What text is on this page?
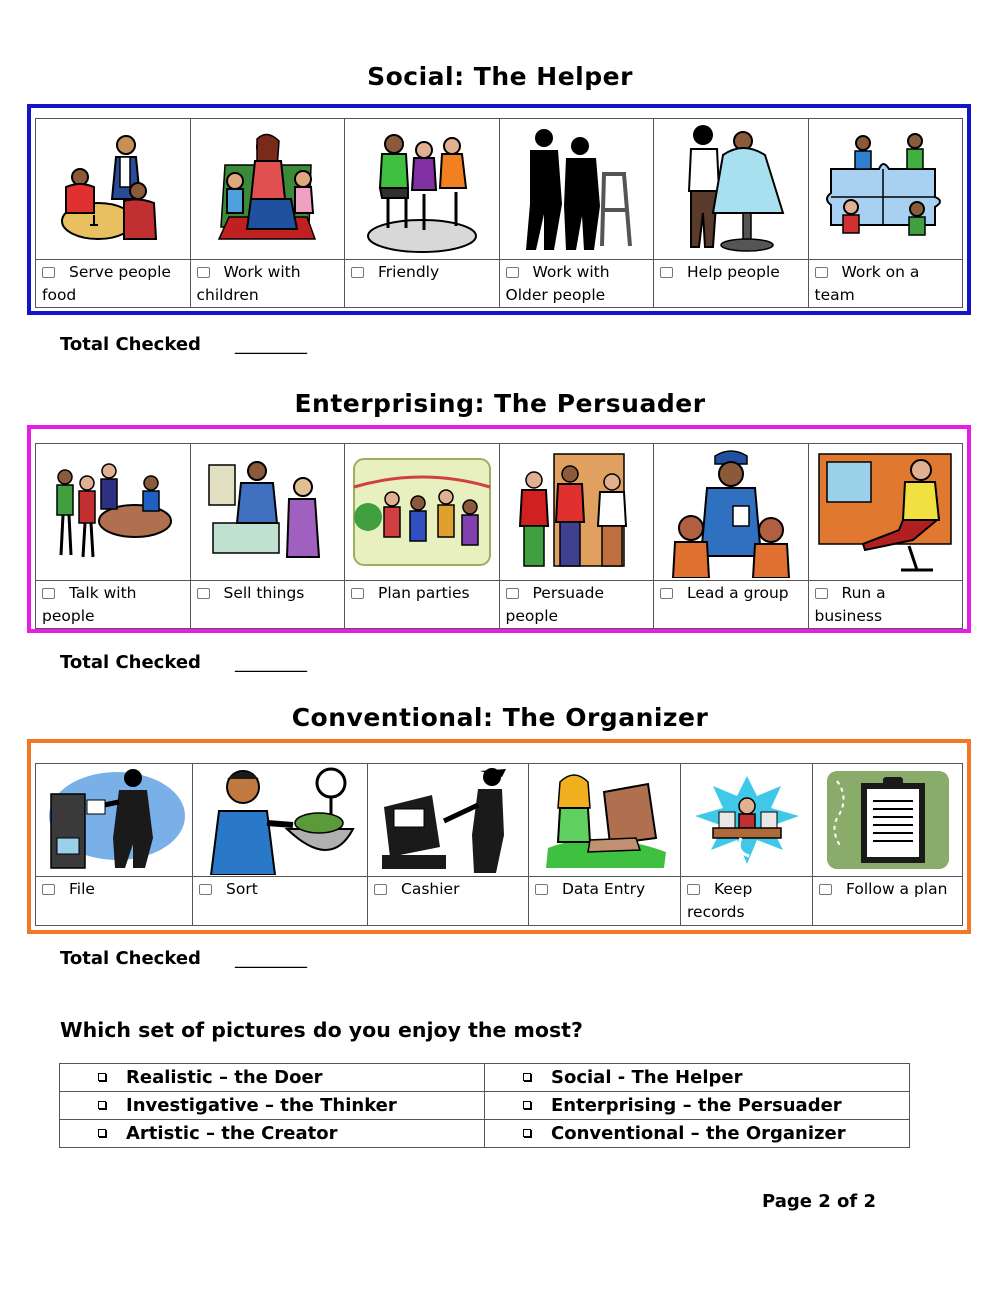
Social: The Helper

Serve people food	Work with children	Friendly	Work with Older people	Help people	Work on a team
Total Checked ________
Enterprising: The Persuader

Talk with people	Sell things	Plan parties	Persuade people	Lead a group	Run a business
Total Checked ________
Conventional: The Organizer

File	Sort	Cashier	Data Entry	Keep records	Follow a plan
Total Checked ________
Which set of pictures do you enjoy the most?
Realistic – the Doer	Social - The Helper

Investigative – the Thinker	Enterprising – the Persuader

Artistic – the Creator	Conventional – the Organizer
Page 2 of 2
